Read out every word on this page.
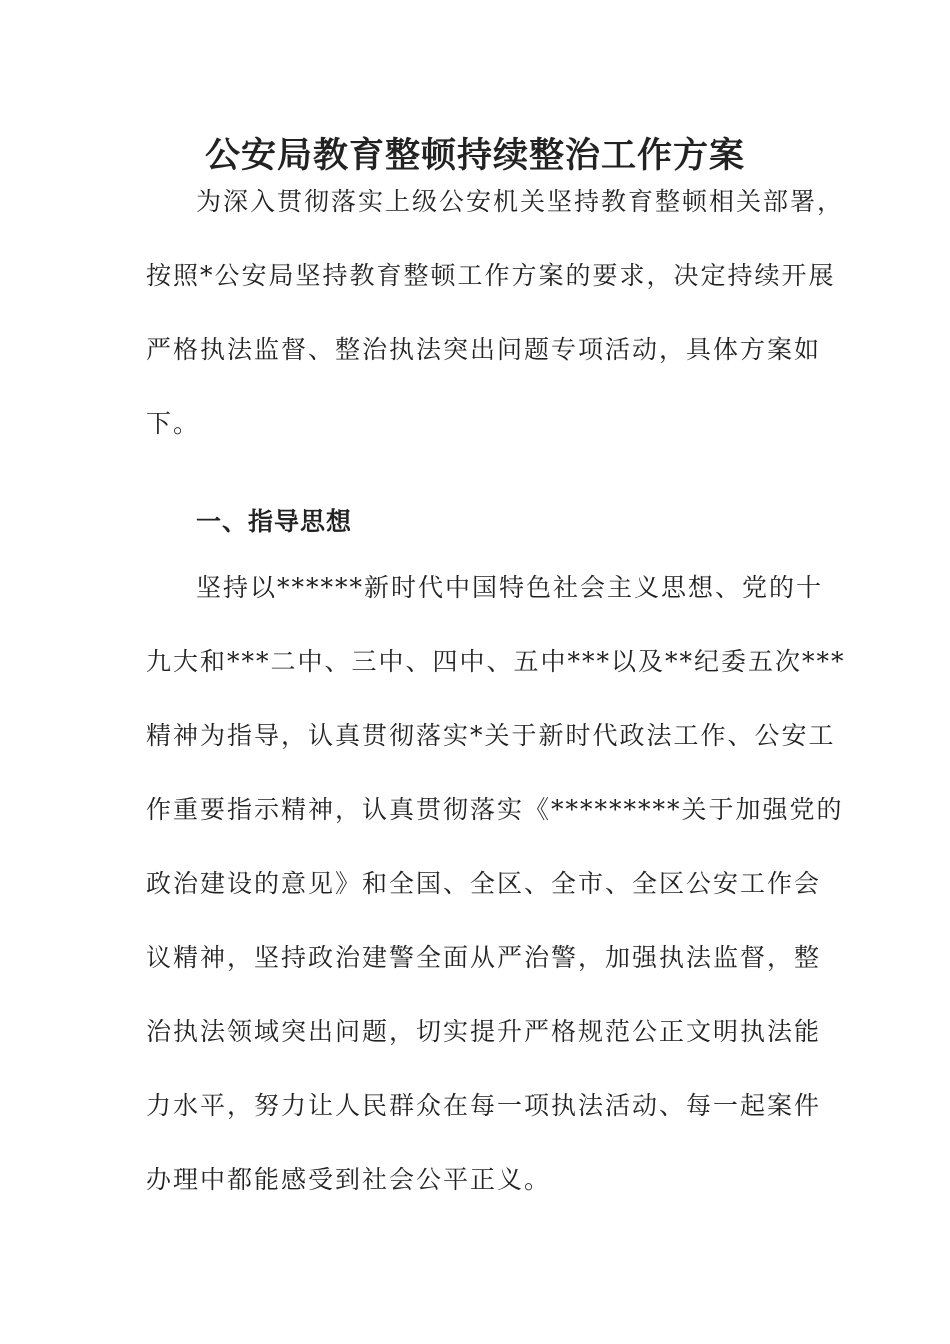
公安局教育整顿持续整治工作方案

为深入贯彻落实上级公安机关坚持教育整顿相关部署，

按照*公安局坚持教育整顿工作方案的要求，决定持续开展

严格执法监督、整治执法突出问题专项活动，具体方案如

下。

一、指导思想

坚持以******新时代中国特色社会主义思想、党的十

九大和***二中、三中、四中、五中***以及**纪委五次***

精神为指导，认真贯彻落实*关于新时代政法工作、公安工

作重要指示精神，认真贯彻落实《*********关于加强党的

政治建设的意见》和全国、全区、全市、全区公安工作会

议精神，坚持政治建警全面从严治警，加强执法监督，整

治执法领域突出问题，切实提升严格规范公正文明执法能

力水平，努力让人民群众在每一项执法活动、每一起案件

办理中都能感受到社会公平正义。
